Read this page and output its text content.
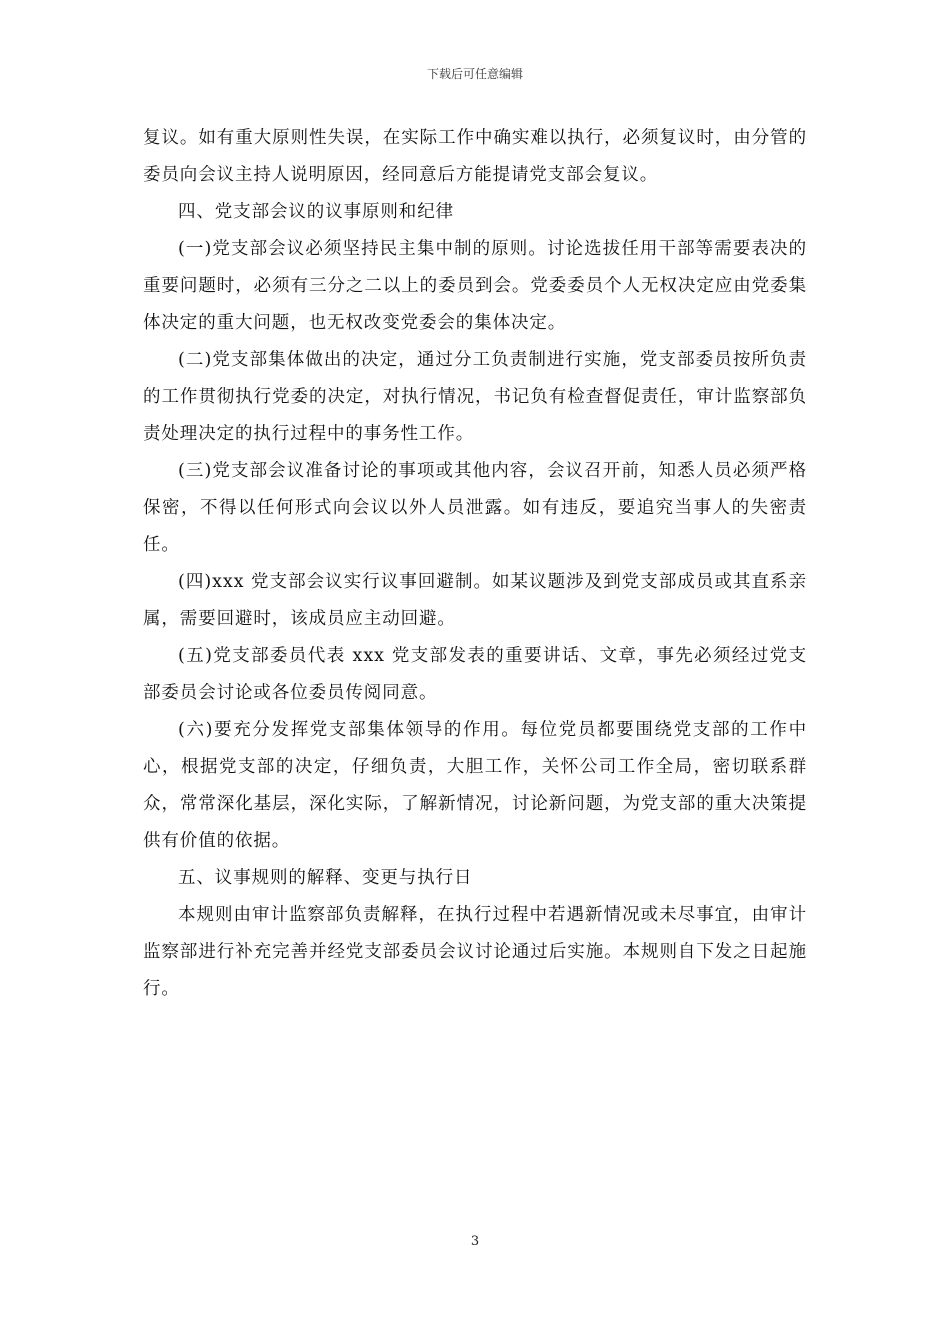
下载后可任意编辑

复议。如有重大原则性失误，在实际工作中确实难以执行，必须复议时，由分管的委员向会议主持人说明原因，经同意后方能提请党支部会复议。

四、党支部会议的议事原则和纪律

(一)党支部会议必须坚持民主集中制的原则。讨论选拔任用干部等需要表决的重要问题时，必须有三分之二以上的委员到会。党委委员个人无权决定应由党委集体决定的重大问题，也无权改变党委会的集体决定。

(二)党支部集体做出的决定，通过分工负责制进行实施，党支部委员按所负责的工作贯彻执行党委的决定，对执行情况，书记负有检查督促责任，审计监察部负责处理决定的执行过程中的事务性工作。

(三)党支部会议准备讨论的事项或其他内容，会议召开前，知悉人员必须严格保密，不得以任何形式向会议以外人员泄露。如有违反，要追究当事人的失密责任。

(四)xxx 党支部会议实行议事回避制。如某议题涉及到党支部成员或其直系亲属，需要回避时，该成员应主动回避。

(五)党支部委员代表 xxx 党支部发表的重要讲话、文章，事先必须经过党支部委员会讨论或各位委员传阅同意。

(六)要充分发挥党支部集体领导的作用。每位党员都要围绕党支部的工作中心，根据党支部的决定，仔细负责，大胆工作，关怀公司工作全局，密切联系群众，常常深化基层，深化实际，了解新情况，讨论新问题，为党支部的重大决策提供有价值的依据。

五、议事规则的解释、变更与执行日

本规则由审计监察部负责解释，在执行过程中若遇新情况或未尽事宜，由审计监察部进行补充完善并经党支部委员会议讨论通过后实施。本规则自下发之日起施行。

3
